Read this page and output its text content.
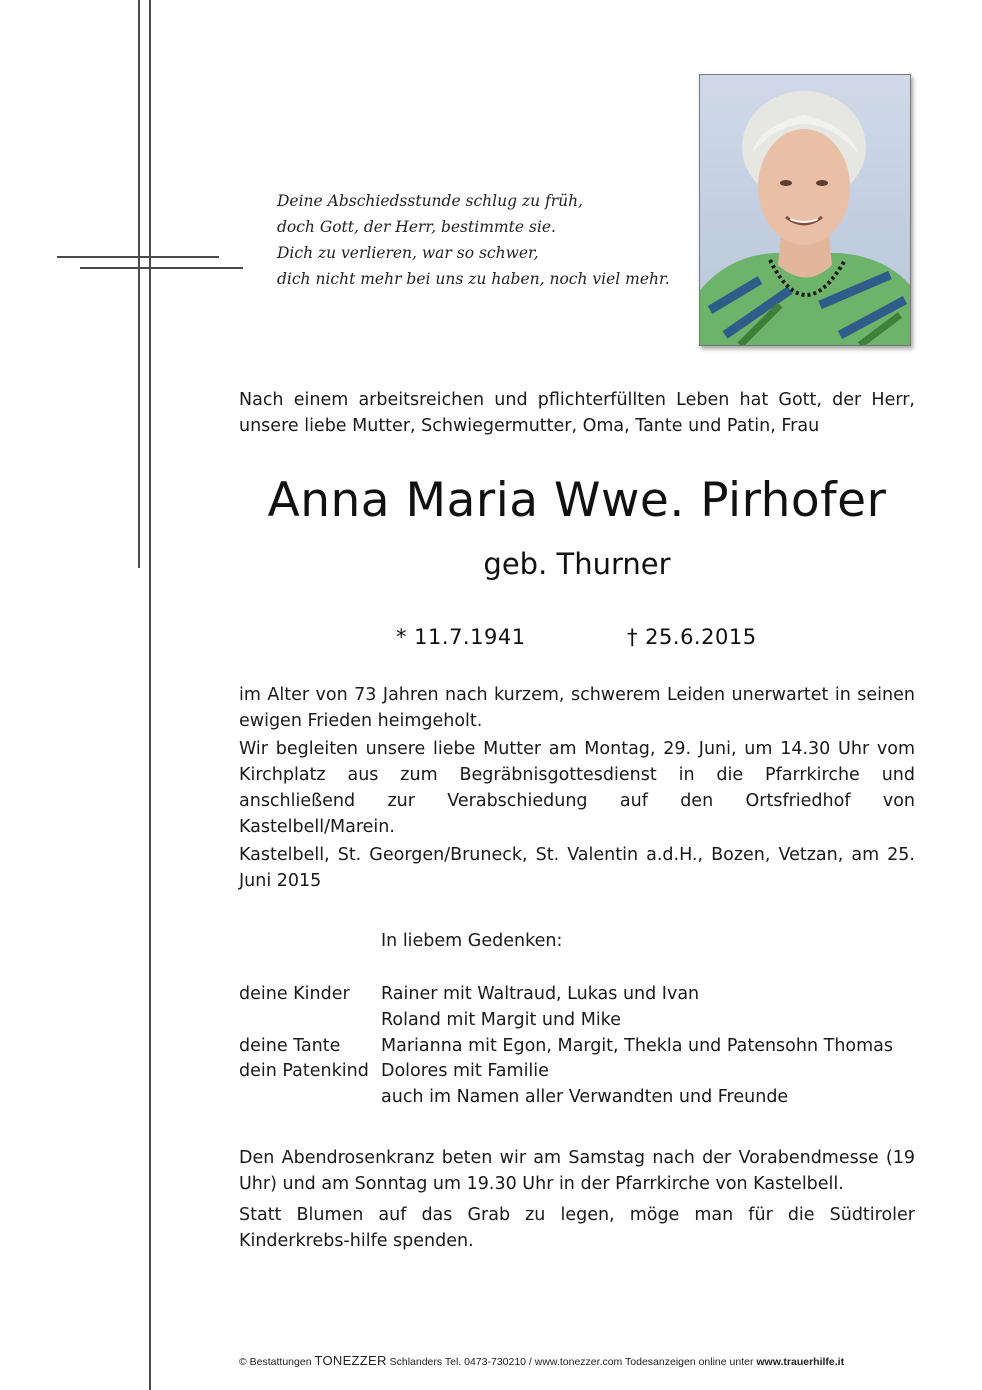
Deine Abschiedsstunde schlug zu früh,
doch Gott, der Herr, bestimmte sie.
Dich zu verlieren, war so schwer,
dich nicht mehr bei uns zu haben, noch viel mehr.
Nach einem arbeitsreichen und pflichterfüllten Leben hat Gott, der Herr, unsere liebe Mutter, Schwiegermutter, Oma, Tante und Patin, Frau
Anna Maria Wwe. Pirhofer
geb. Thurner
* 11.7.1941	† 25.6.2015
im Alter von 73 Jahren nach kurzem, schwerem Leiden unerwartet in seinen ewigen Frieden heimgeholt.
Wir begleiten unsere liebe Mutter am Montag, 29. Juni, um 14.30 Uhr vom Kirchplatz aus zum Begräbnisgottesdienst in die Pfarrkirche und anschließend zur Verabschiedung auf den Ortsfriedhof von Kastelbell/Marein.
Kastelbell, St. Georgen/Bruneck, St. Valentin a.d.H., Bozen, Vetzan, am 25. Juni 2015
In liebem Gedenken:
deine Kinder Rainer mit Waltraud, Lukas und Ivan
Roland mit Margit und Mike
deine Tante Marianna mit Egon, Margit, Thekla und Patensohn Thomas
dein Patenkind Dolores mit Familie
auch im Namen aller Verwandten und Freunde
Den Abendrosenkranz beten wir am Samstag nach der Vorabendmesse (19 Uhr) und am Sonntag um 19.30 Uhr in der Pfarrkirche von Kastelbell.
Statt Blumen auf das Grab zu legen, möge man für die Südtiroler Kinderkrebs-hilfe spenden.
© Bestattungen TONEZZER Schlanders Tel. 0473-730210 / www.tonezzer.com Todesanzeigen online unter www.trauerhilfe.it
